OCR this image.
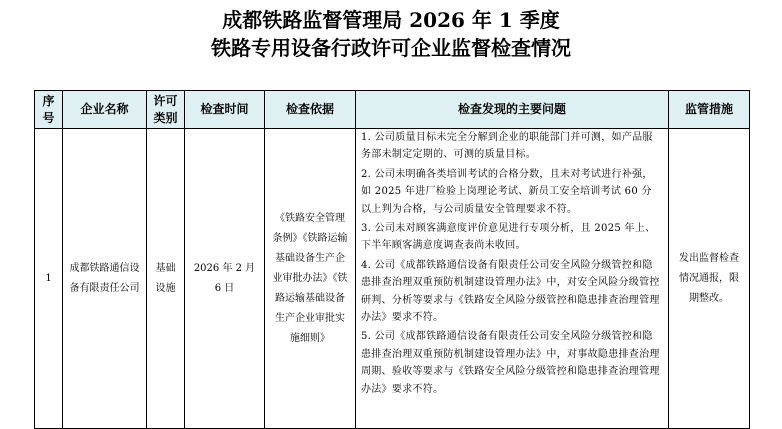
成都铁路监督管理局 2026 年 1 季度
铁路专用设备行政许可企业监督检查情况
序号	企业名称	许可类别	检查时间	检查依据	检查发现的主要问题	监管措施
1	成都铁路通信设备有限责任公司	基础设施	2026 年 2 月 6 日	《铁路安全管理条例》《铁路运输基础设备生产企业审批办法》《铁路运输基础设备生产企业审批实施细则》	1. 公司质量目标未完全分解到企业的职能部门并可测，如产品服务部未制定定期的、可测的质量目标。
2. 公司未明确各类培训考试的合格分数，且未对考试进行补强，如 2025 年进厂检验上岗理论考试、新员工安全培训考试 60 分以上判为合格，与公司质量安全管理要求不符。
3. 公司未对顾客满意度评价意见进行专项分析，且 2025 年上、下半年顾客满意度调查表尚未收回。
4. 公司《成都铁路通信设备有限责任公司安全风险分级管控和隐患排查治理双重预防机制建设管理办法》中，对安全风险分级管控研判、分析等要求与《铁路安全风险分级管控和隐患排查治理管理办法》要求不符。
5. 公司《成都铁路通信设备有限责任公司安全风险分级管控和隐患排查治理双重预防机制建设管理办法》中，对事故隐患排查治理周期、验收等要求与《铁路安全风险分级管控和隐患排查治理管理办法》要求不符。	发出监督检查情况通报，限期整改。
